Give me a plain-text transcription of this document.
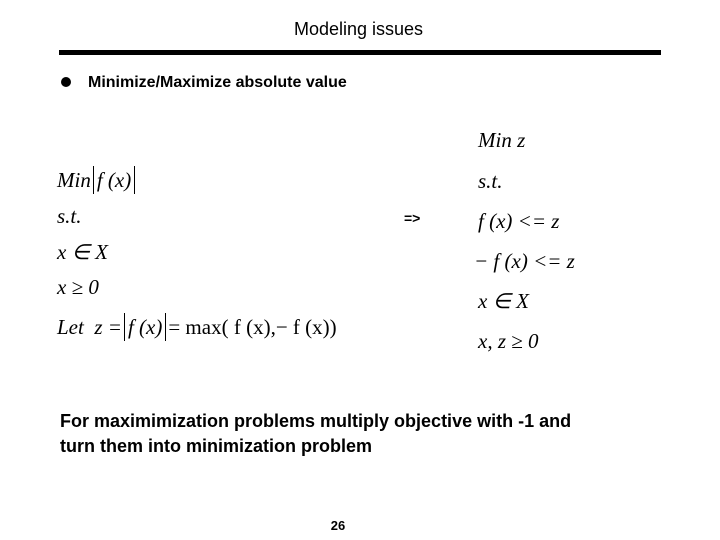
Modeling issues
Minimize/Maximize absolute value
Min f (x)
s.t.
x ∈ X
x ≥ 0
Let z = f (x) = max( f (x),− f (x))
=>
Min z
s.t.
f (x) <= z
− f (x) <= z
x ∈ X
x, z ≥ 0
For maximimization problems multiply objective with -1 and turn them into minimization problem
26
